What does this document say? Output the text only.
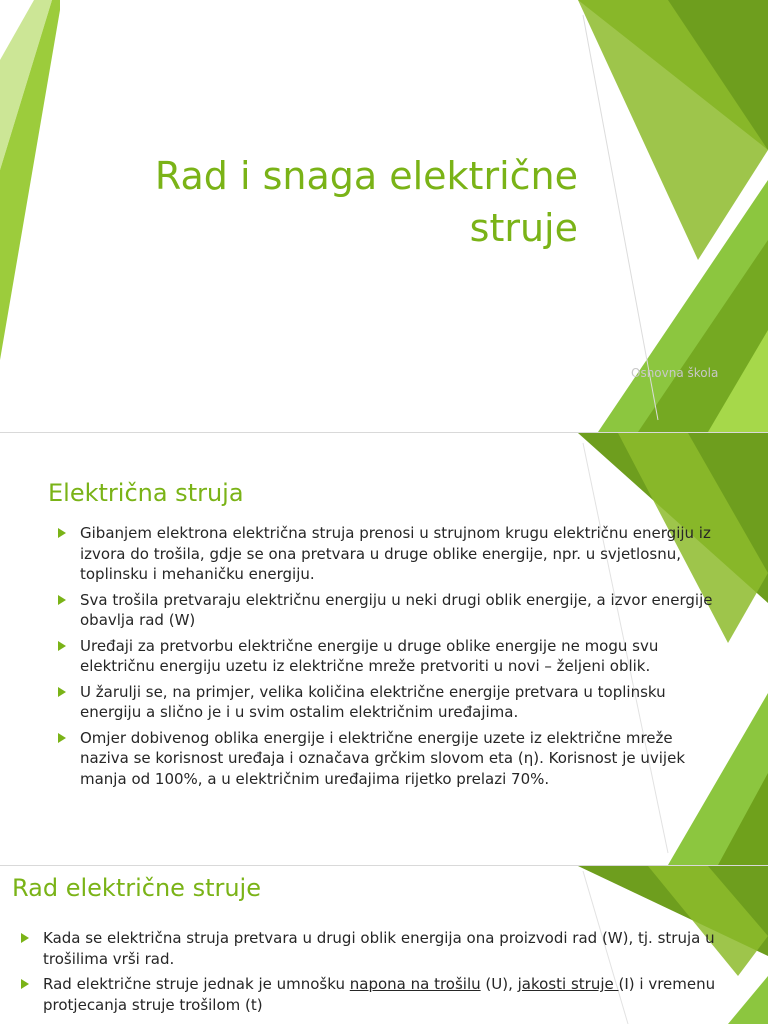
Rad i snaga električne struje
Osnovna škola
Električna struja
Gibanjem elektrona električna struja prenosi u strujnom krugu električnu energiju iz izvora do trošila, gdje se ona pretvara u druge oblike energije, npr. u svjetlosnu, toplinsku i mehaničku energiju.
Sva trošila pretvaraju električnu energiju u neki drugi oblik energije, a izvor energije obavlja rad (W)
Uređaji za pretvorbu električne energije u druge oblike energije ne mogu svu električnu energiju uzetu iz električne mreže pretvoriti u novi – željeni oblik.
U žarulji se, na primjer, velika količina električne energije pretvara u toplinsku energiju a slično je i u svim ostalim električnim uređajima.
Omjer dobivenog oblika energije i električne energije uzete iz električne mreže naziva se korisnost uređaja i označava grčkim slovom eta (η). Korisnost je uvijek manja od 100%, a u električnim uređajima rijetko prelazi 70%.
Rad električne struje
Kada se električna struja pretvara u drugi oblik energija ona proizvodi rad (W), tj. struja u trošilima vrši rad.
Rad električne struje jednak je umnošku napona na trošilu (U), jakosti struje (I) i vremenu protjecanja struje trošilom (t)
